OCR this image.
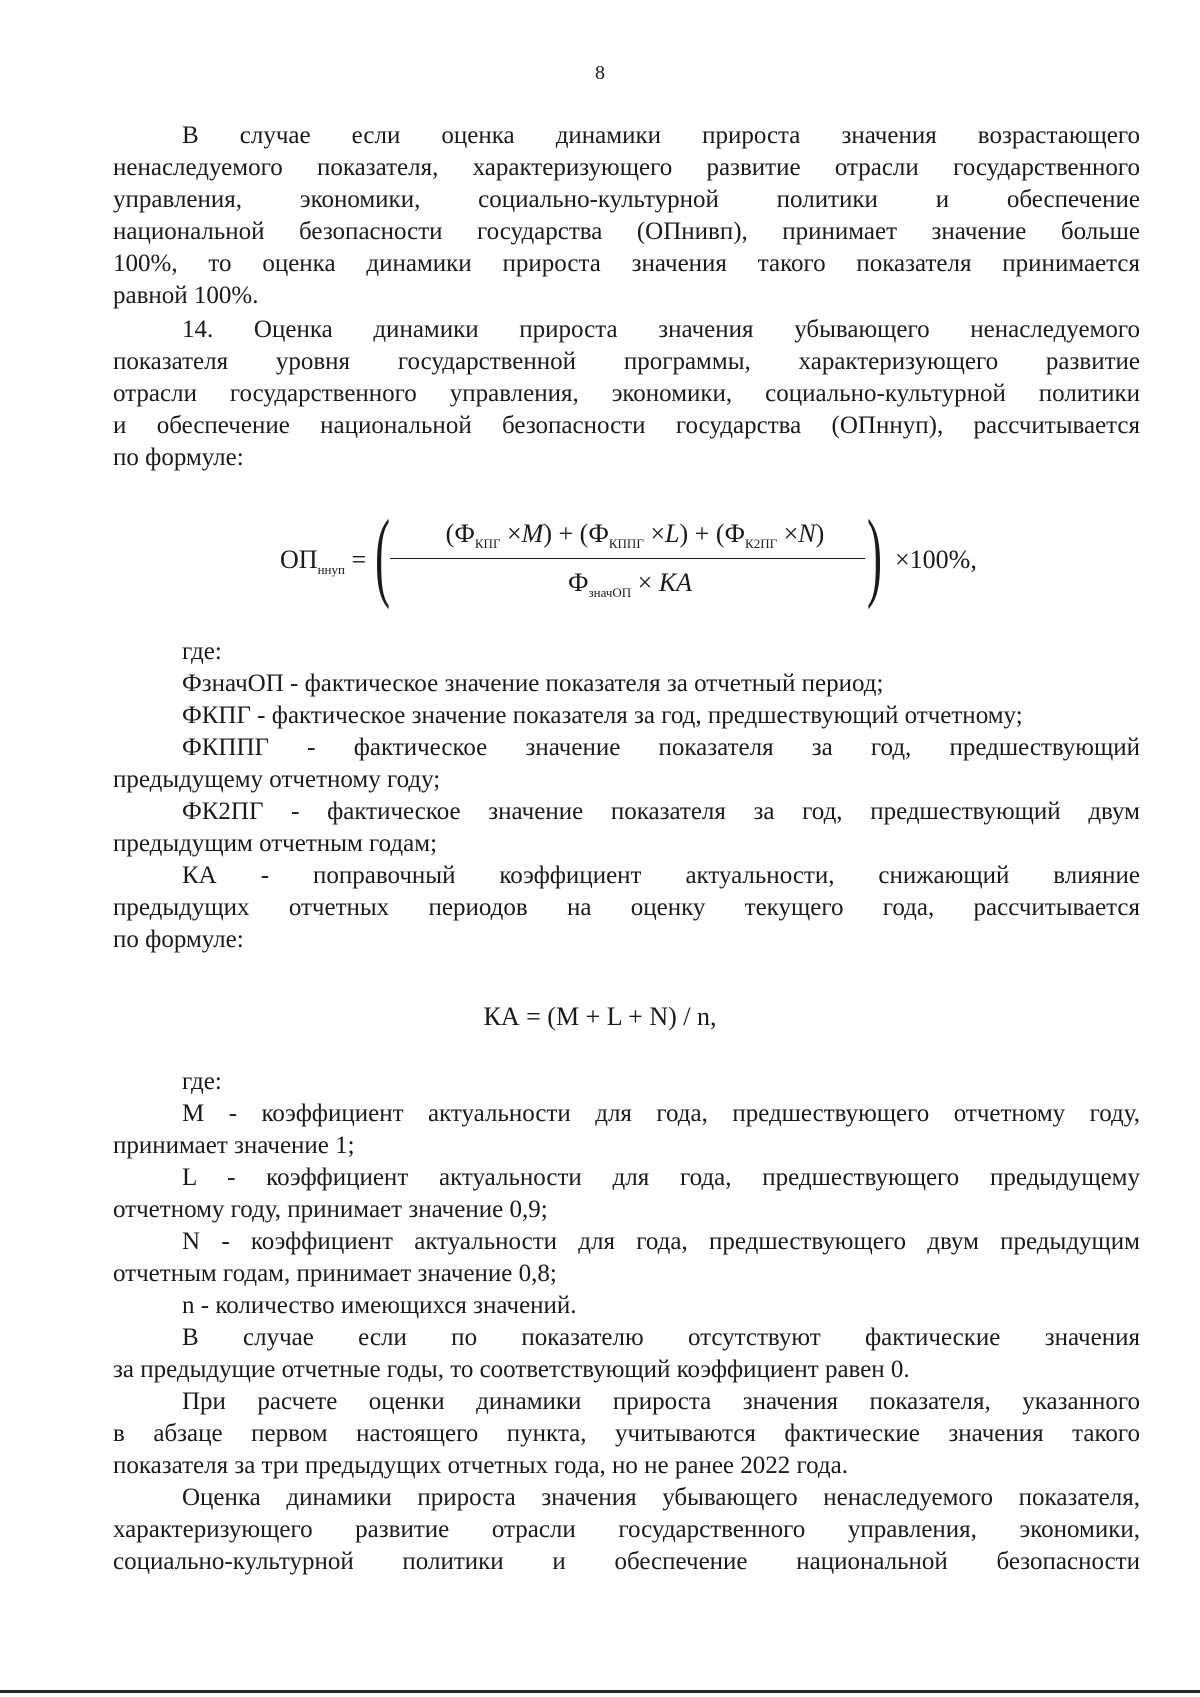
8
В случае если оценка динамики прироста значения возрастающего
ненаследуемого показателя, характеризующего развитие отрасли государственного
управления, экономики, социально-культурной политики и обеспечение
национальной безопасности государства (ОПнивп), принимает значение больше
100%, то оценка динамики прироста значения такого показателя принимается
равной 100%.
14. Оценка динамики прироста значения убывающего ненаследуемого
показателя уровня государственной программы, характеризующего развитие
отрасли государственного управления, экономики, социально-культурной политики
и обеспечение национальной безопасности государства (ОПннуп), рассчитывается
по формуле:
$ОП_{ннуп}$ = (	$(Ф_{КПГ} \times M) + (Ф_{КППГ} \times L) + (Ф_{К2ПГ} \times N)$
$Ф_{значОП}$ × KA	) ×100%,
где:
ФзначОП - фактическое значение показателя за отчетный период;
ФКПГ - фактическое значение показателя за год, предшествующий отчетному;
ФКППГ - фактическое значение показателя за год, предшествующий
предыдущему отчетному году;
ФК2ПГ - фактическое значение показателя за год, предшествующий двум
предыдущим отчетным годам;
КА - поправочный коэффициент актуальности, снижающий влияние
предыдущих отчетных периодов на оценку текущего года, рассчитывается
по формуле:
КА = (M + L + N) / n,
где:
M - коэффициент актуальности для года, предшествующего отчетному году,
принимает значение 1;
L - коэффициент актуальности для года, предшествующего предыдущему
отчетному году, принимает значение 0,9;
N - коэффициент актуальности для года, предшествующего двум предыдущим
отчетным годам, принимает значение 0,8;
n - количество имеющихся значений.
В случае если по показателю отсутствуют фактические значения
за предыдущие отчетные годы, то соответствующий коэффициент равен 0.
При расчете оценки динамики прироста значения показателя, указанного
в абзаце первом настоящего пункта, учитываются фактические значения такого
показателя за три предыдущих отчетных года, но не ранее 2022 года.
Оценка динамики прироста значения убывающего ненаследуемого показателя,
характеризующего развитие отрасли государственного управления, экономики,
социально-культурной политики и обеспечение национальной безопасности
